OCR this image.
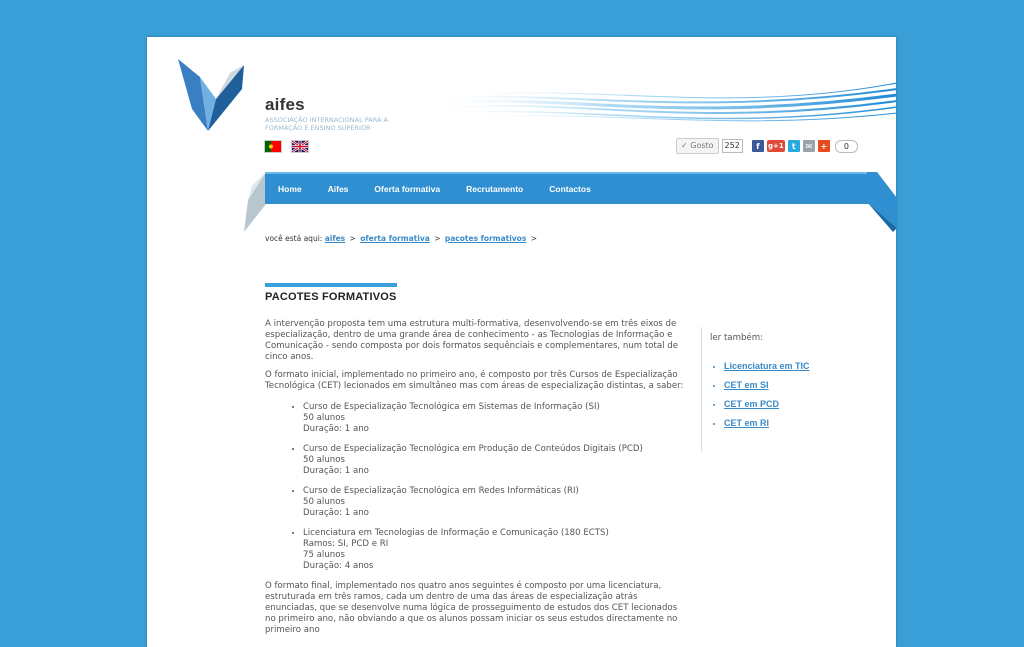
aifes
ASSOCIAÇÃO INTERNACIONAL PARA A FORMAÇÃO E ENSINO SUPERIOR
✓ Gosto	252	f	g +1	t	✉	+	0
Home	Aifes	Oferta formativa	Recrutamento	Contactos
você está aqui: aifes > oferta formativa > pacotes formativos >
PACOTES FORMATIVOS

A intervenção proposta tem uma estrutura multi-formativa, desenvolvendo-se em três eixos de especialização, dentro de uma grande área de conhecimento - as Tecnologias de Informação e Comunicação - sendo composta por dois formatos sequênciais e complementares, num total de cinco anos.

O formato inicial, implementado no primeiro ano, é composto por três Cursos de Especialização Tecnológica (CET) lecionados em simultâneo mas com áreas de especialização distintas, a saber:

• Curso de Especialização Tecnológica em Sistemas de Informação (SI)
50 alunos
Duração: 1 ano
• Curso de Especialização Tecnológica em Produção de Conteúdos Digitais (PCD)
50 alunos
Duração: 1 ano
• Curso de Especialização Tecnológica em Redes Informáticas (RI)
50 alunos
Duração: 1 ano
• Licenciatura em Tecnologias de Informação e Comunicação (180 ECTS)
Ramos: SI, PCD e RI
75 alunos
Duração: 4 anos

O formato final, implementado nos quatro anos seguintes é composto por uma licenciatura, estruturada em três ramos, cada um dentro de uma das áreas de especialização atrás enunciadas, que se desenvolve numa lógica de prosseguimento de estudos dos CET lecionados no primeiro ano, não obviando a que os alunos possam iniciar os seus estudos directamente no primeiro ano

ler também:
• Licenciatura em TIC
• CET em SI
• CET em PCD
• CET em RI
